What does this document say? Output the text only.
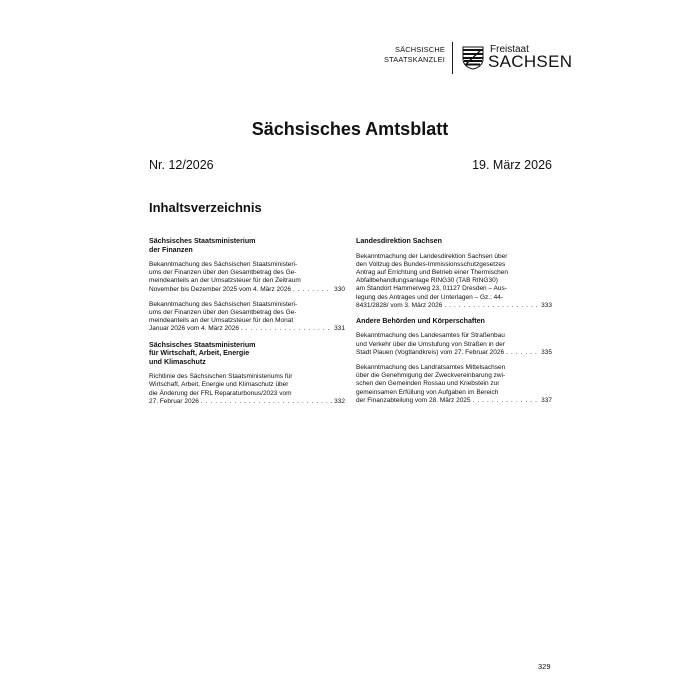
SÄCHSISCHE
STAATSKANZLEI
Freistaat
SACHSEN
Sächsisches Amtsblatt
Nr. 12/2026	19. März 2026
Inhaltsverzeichnis
Sächsisches Staatsministerium
der Finanzen
Bekanntmachung des Sächsischen Staatsministeri-
ums der Finanzen über den Gesamtbetrag des Ge-
meindeanteils an der Umsatzsteuer für den Zeitraum
November bis Dezember 2025 vom 4. März 2026 . . .	330
Bekanntmachung des Sächsischen Staatsministeri-
ums der Finanzen über den Gesamtbetrag des Ge-
meindeanteils an der Umsatzsteuer für den Monat
Januar 2026 vom 4. März 2026 . . .	331
Sächsisches Staatsministerium
für Wirtschaft, Arbeit, Energie
und Klimaschutz
Richtlinie des Sächsischen Staatsministeriums für
Wirtschaft, Arbeit, Energie und Klimaschutz über
die Änderung der FRL Reparaturbonus/2023 vom
27. Februar 2026 . . .	332
Landesdirektion Sachsen
Bekanntmachung der Landesdirektion Sachsen über
den Vollzug des Bundes-Immissionsschutzgesetzes
Antrag auf Errichtung und Betrieb einer Thermischen
Abfallbehandlungsanlage RING30 (TAB RING30)
am Standort Hammerweg 23, 01127 Dresden – Aus-
legung des Antrages und der Unterlagen – Gz.: 44-
8431/2828/ vom 3. März 2026 . . .	333
Andere Behörden und Körperschaften
Bekanntmachung des Landesamtes für Straßenbau
und Verkehr über die Umstufung von Straßen in der
Stadt Plauen (Vogtlandkreis) vom 27. Februar 2026 . . .	335
Bekanntmachung des Landratsamtes Mittelsachsen
über die Genehmigung der Zweckvereinbarung zwi-
schen den Gemeinden Rossau und Kriebstein zur
gemeinsamen Erfüllung von Aufgaben im Bereich
der Finanzabteilung vom 28. März 2025 . . .	337
329
